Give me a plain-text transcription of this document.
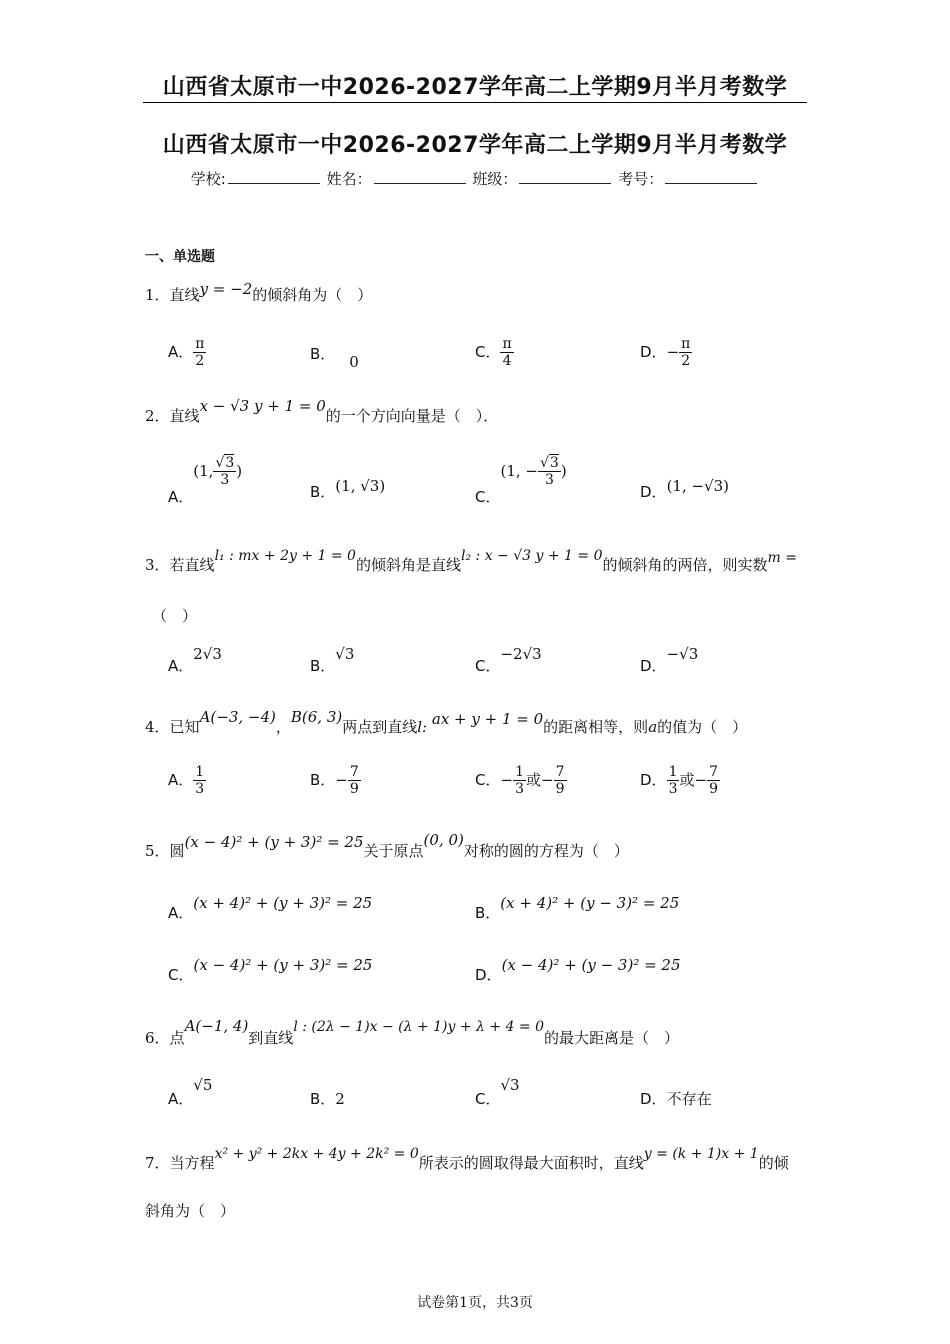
山西省太原市一中2026-2027学年高二上学期9月半月考数学
山西省太原市一中2026-2027学年高二上学期9月半月考数学
学校:	姓名：	班级：	考号：
一、单选题
1．直线y = −2的倾斜角为（　）
A． $\frac{\pi}{2}$	B． 0
C． $\frac{\pi}{4}$	D．− $\frac{\pi}{2}$
2．直线x − √3 y + 1 = 0的一个方向向量是（　）．
A．(1, $\frac{√3}{3}$ )
B．(1, √3)
C．(1, − $\frac{√3}{3}$ )
D．(1, −√3)
3．若直线l₁ : mx + 2y + 1 = 0的倾斜角是直线l₂ : x − √3 y + 1 = 0的倾斜角的两倍，则实数m =
（　）
A．2√3
B．√3
C．−2√3
D．−√3
4．已知A(−3, −4)，B(6, 3)两点到直线l: ax + y + 1 = 0的距离相等，则a的值为（　）
A． $\frac{1}{3}$	B．− $\frac{7}{9}$	C．− $\frac{1}{3}$ 或− $\frac{7}{9}$	D． $\frac{1}{3}$ 或− $\frac{7}{9}$
5．圆(x − 4)² + (y + 3)² = 25关于原点(0, 0)对称的圆的方程为（　）
A．(x + 4)² + (y + 3)² = 25
B．(x + 4)² + (y − 3)² = 25
C．(x − 4)² + (y + 3)² = 25
D．(x − 4)² + (y − 3)² = 25
6．点A(−1, 4)到直线l : (2λ − 1)x − (λ + 1)y + λ + 4 = 0的最大距离是（　）
A．√5
B．2	C．√3
D．不存在
7．当方程x² + y² + 2kx + 4y + 2k² = 0所表示的圆取得最大面积时，直线y = (k + 1)x + 1的倾
斜角为（　）
试卷第1页，共3页
